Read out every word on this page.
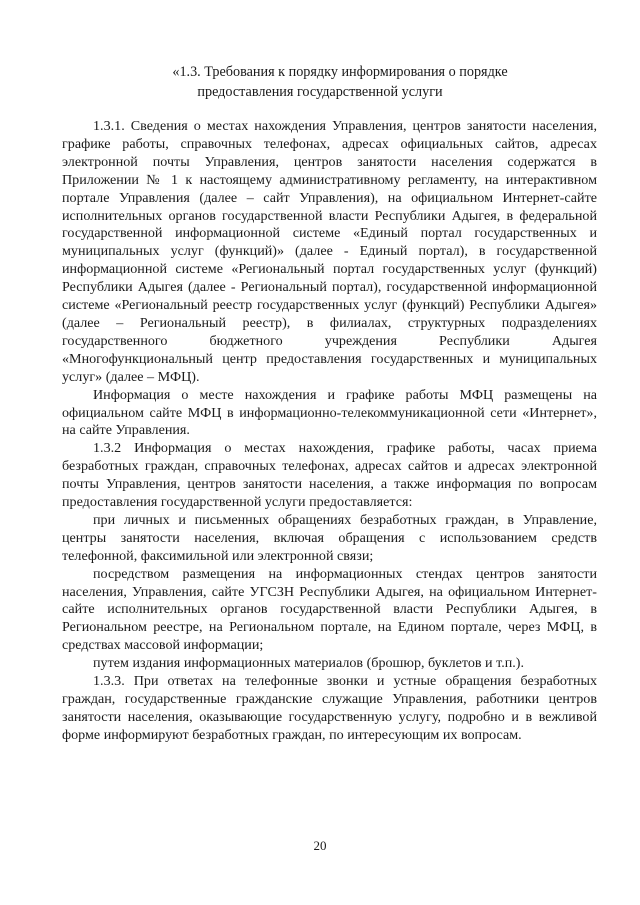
«1.3. Требования к порядку информирования о порядке
предоставления государственной услуги

1.3.1. Сведения о местах нахождения Управления, центров занятости населения, графике работы, справочных телефонах, адресах официальных сайтов, адресах электронной почты Управления, центров занятости населения содержатся в Приложении № 1 к настоящему административному регламенту, на интерактивном портале Управления (далее – сайт Управления), на официальном Интернет-сайте исполнительных органов государственной власти Республики Адыгея, в федеральной государственной информационной системе «Единый портал государственных и муниципальных услуг (функций)» (далее - Единый портал), в государственной информационной системе «Региональный портал государственных услуг (функций) Республики Адыгея (далее - Региональный портал), государственной информационной системе «Региональный реестр государственных услуг (функций) Республики Адыгея» (далее – Региональный реестр), в филиалах, структурных подразделениях государственного бюджетного учреждения Республики Адыгея «Многофункциональный центр предоставления государственных и муниципальных услуг» (далее – МФЦ).

Информация о месте нахождения и графике работы МФЦ размещены на официальном сайте МФЦ в информационно-телекоммуникационной сети «Интернет», на сайте Управления.

1.3.2 Информация о местах нахождения, графике работы, часах приема безработных граждан, справочных телефонах, адресах сайтов и адресах электронной почты Управления, центров занятости населения, а также информация по вопросам предоставления государственной услуги предоставляется:

при личных и письменных обращениях безработных граждан, в Управление, центры занятости населения, включая обращения с использованием средств телефонной, факсимильной или электронной связи;

посредством размещения на информационных стендах центров занятости населения, Управления, сайте УГСЗН Республики Адыгея, на официальном Интернет-сайте исполнительных органов государственной власти Республики Адыгея, в Региональном реестре, на Региональном портале, на Едином портале, через МФЦ, в средствах массовой информации;

путем издания информационных материалов (брошюр, буклетов и т.п.).

1.3.3. При ответах на телефонные звонки и устные обращения безработных граждан, государственные гражданские служащие Управления, работники центров занятости населения, оказывающие государственную услугу, подробно и в вежливой форме информируют безработных граждан, по интересующим их вопросам.

20
